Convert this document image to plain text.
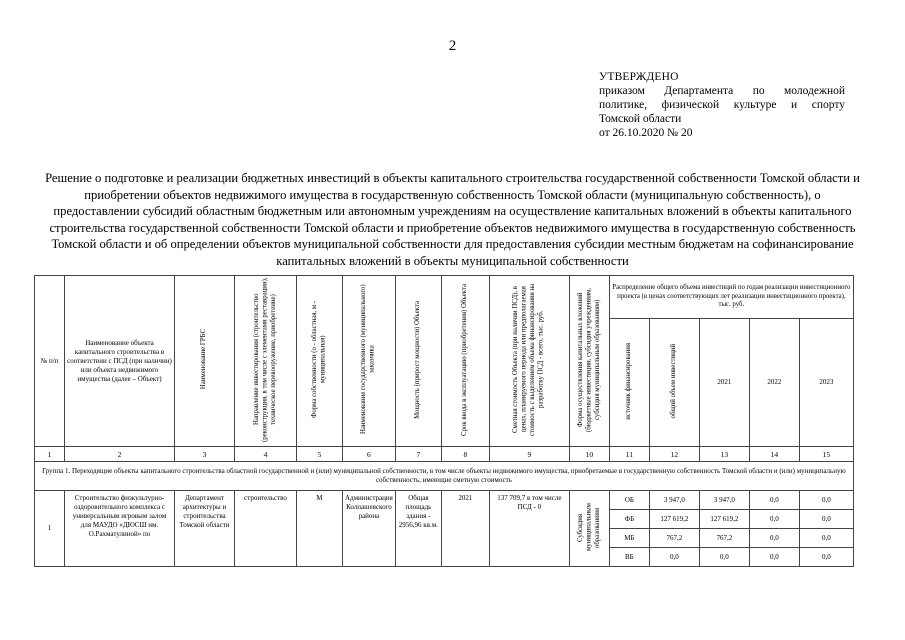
2
УТВЕРЖДЕНО
приказом Департамента по молодежной
политике, физической культуре и спорту
Томской области
от 26.10.2020 № 20
Решение о подготовке и реализации бюджетных инвестиций в объекты капитального строительства государственной собственности Томской области и приобретении объектов недвижимого имущества в государственную собственность Томской области (муниципальную собственность), о предоставлении субсидий областным бюджетным или автономным учреждениям на осуществление капитальных вложений в объекты капитального строительства государственной собственности Томской области и приобретение объектов недвижимого имущества в государственную собственность Томской области и об определении объектов муниципальной собственности для предоставления субсидии местным бюджетам на софинансирование капитальных вложений в объекты муниципальной собственности
№ п/п	Наименование объекта капитального строительства в соответствии с ПСД (при наличии) или объекта недвижимого имущества (далее – Объект)	Наименование ГРБС	Направление инвестирования (строительство (реконструкция, в том числе с элементами реставрации), техническое перевооружение, приобретение)	Форма собственности (о - областная, м - муниципальная)	Наименование государственного (муниципального) заказчика	Мощность (прирост мощности) Объекта	Срок ввода в эксплуатацию (приобретения) Объекта	Сметная стоимость Объекта (при наличии ПСД), в ценах, планируемого периода или предполагаемая стоимость с выделением объема финансирования на разработку ПСД - всего, тыс. руб.	Форма осуществления капитальных вложений (бюджетные инвестиции, субсидия учреждениям, субсидия муниципальным образованиям)	Распределение общего объема инвестиций по годам реализации инвестиционного проекта (в ценах соответствующих лет реализации инвестиционного проекта), тыс. руб.				
										источник финансирования	общий объем инвестиций	2021	2022	2023
1	2	3	4	5	6	7	8	9	10	11	12	13	14	15
Группа 1. Переходящие объекты капитального строительства областной государственной и (или) муниципальной собственности, в том числе объекты недвижимого имущества, приобретаемые в государственную собственность Томской области и (или) муниципальную собственность, имеющие сметную стоимость														
1	Строительство физкультурно-оздоровительного комплекса с универсальным игровым залом для МАУДО «ДЮСШ им. О.Рахматулиной» по	Департамент архитектуры и строительства Томской области	строительство	М	Администрация Колпашевского района	Общая площадь здания - 2956,96 кв.м.	2021	137 709,7 в том числе ПСД - 0	Субсидия муниципальным образованиям	ОБ	3 947,0	3 947,0	0,0	0,0
										ФБ	127 619,2	127 619,2	0,0	0,0
										МБ	767,2	767,2	0,0	0,0
										ВБ	0,0	0,0	0,0	0,0
